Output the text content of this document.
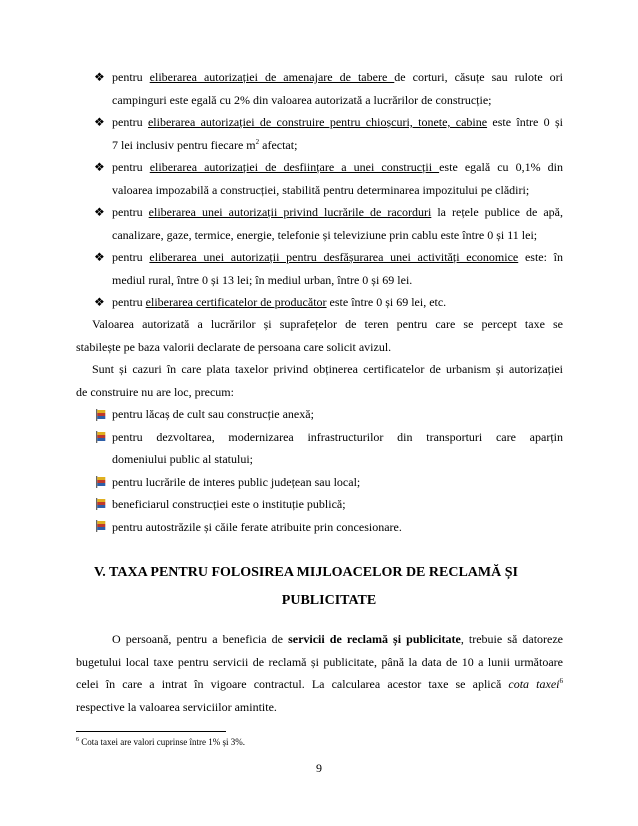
pentru eliberarea autorizației de amenajare de tabere de corturi, căsuțe sau rulote ori
campinguri este egală cu 2% din valoarea autorizată a lucrărilor de construcție;
pentru eliberarea autorizației de construire pentru chioșcuri, tonete, cabine este între 0 și
7 lei inclusiv pentru fiecare $m^2$ afectat;
pentru eliberarea autorizației de desființare a unei construcții este egală cu 0,1% din
valoarea impozabilă a construcției, stabilită pentru determinarea impozitului pe clădiri;
pentru eliberarea unei autorizații privind lucrările de racorduri la rețele publice de apă,
canalizare, gaze, termice, energie, telefonie și televiziune prin cablu este între 0 și 11 lei;
pentru eliberarea unei autorizații pentru desfășurarea unei activități economice este: în
mediul rural, între 0 și 13 lei; în mediul urban, între 0 și 69 lei.
pentru eliberarea certificatelor de producător este între 0 și 69 lei, etc.
❖
❖
❖
❖
❖
❖
Valoarea autorizată a lucrărilor și suprafețelor de teren pentru care se percept taxe se
stabilește pe baza valorii declarate de persoana care solicit avizul.
Sunt și cazuri în care plata taxelor privind obținerea certificatelor de urbanism și autorizației
de construire nu are loc, precum:
pentru lăcaș de cult sau construcție anexă;
pentru dezvoltarea, modernizarea infrastructurilor din transporturi care aparțin
domeniului public al statului;
pentru lucrările de interes public județean sau local;
beneficiarul construcției este o instituție publică;
pentru autostrăzile și căile ferate atribuite prin concesionare.
V. TAXA PENTRU FOLOSIREA MIJLOACELOR DE RECLAMĂ ȘI
PUBLICITATE
O persoană, pentru a beneficia de servicii de reclamă și publicitate, trebuie să datoreze
bugetului local taxe pentru servicii de reclamă și publicitate, până la data de 10 a lunii următoare
celei în care a intrat în vigoare contractul. La calcularea acestor taxe se aplică cota taxei$^6$
respective la valoarea serviciilor amintite.
$^6$ Cota taxei are valori cuprinse între 1% și 3%.
9
